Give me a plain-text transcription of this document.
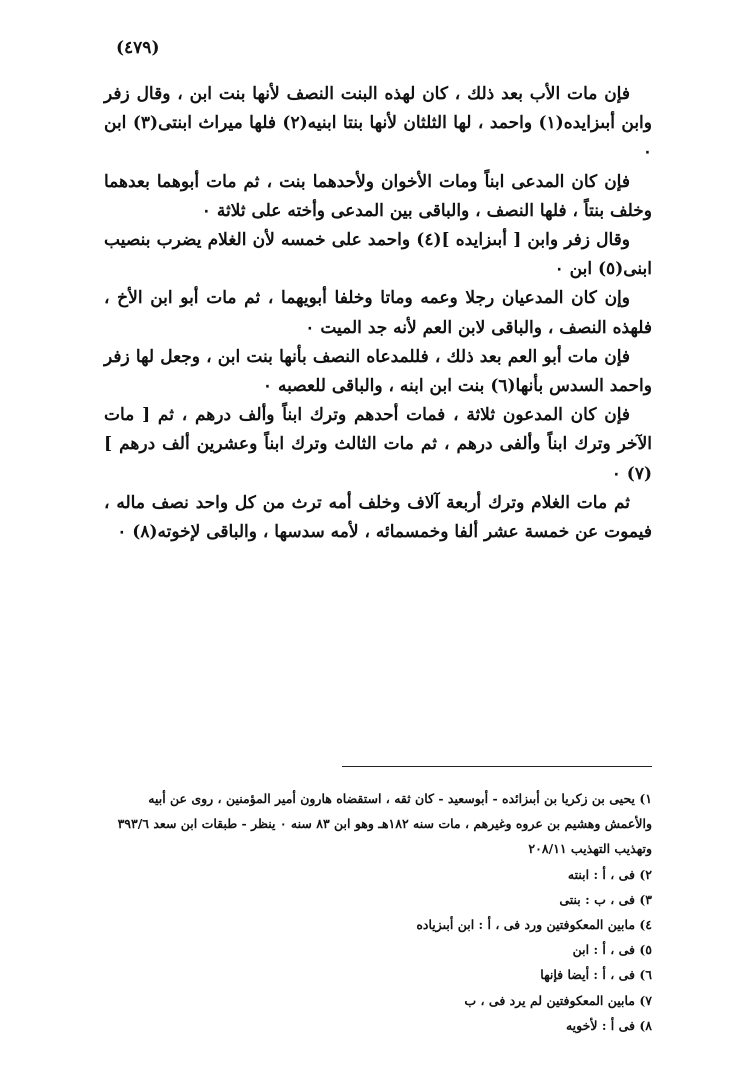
(٤٧٩)

فإن مات الأب بعد ذلك ، كان لهذه البنت النصف لأنها بنت ابن ، وقال زفر وابن أبىزايده(١) واحمد ، لها الثلثان لأنها بنتا ابنيه(٢) فلها ميراث ابنتى(٣) ابن ٠

فإن كان المدعى ابناً ومات الأخوان ولأحدهما بنت ، ثم مات أبوهما بعدهما وخلف بنتاً ، فلها النصف ، والباقى بين المدعى وأخته على ثلاثة ٠

وقال زفر وابن [ أبىزايده ](٤) واحمد على خمسه لأن الغلام يضرب بنصيب ابنى(٥) ابن ٠

وإن كان المدعيان رجلا وعمه وماتا وخلفا أبويهما ، ثم مات أبو ابن الأخ ، فلهذه النصف ، والباقى لابن العم لأنه جد الميت ٠

فإن مات أبو العم بعد ذلك ، فللمدعاه النصف بأنها بنت ابن ، وجعل لها زفر واحمد السدس بأنها(٦) بنت ابن ابنه ، والباقى للعصبه ٠

فإن كان المدعون ثلاثة ، فمات أحدهم وترك ابناً وألف درهم ، ثم [ مات الآخر وترك ابناً وألفى درهم ، ثم مات الثالث وترك ابناً وعشرين ألف درهم ](٧) ٠

ثم مات الغلام وترك أربعة آلاف وخلف أمه ترث من كل واحد نصف ماله ، فيموت عن خمسة عشر ألفا وخمسمائه ، لأمه سدسها ، والباقى لإخوته(٨) ٠

١) يحيى بن زكريا بن أبىزائده - أبوسعيد - كان ثقه ، استقضاه هارون أمير المؤمنين ، روى عن أبيه والأعمش وهشيم بن عروه وغيرهم ، مات سنه ١٨٢هـ وهو ابن ٨٣ سنه ٠ ينظر - طبقات ابن سعد ٣٩٣/٦ وتهذيب التهذيب ٢٠٨/١١
٢) فى ، أ : ابنته
٣) فى ، ب : بنتى
٤) مابين المعكوفتين ورد فى ، أ : ابن أبىزياده
٥) فى ، أ : ابن
٦) فى ، أ : أيضا فإنها
٧) مابين المعكوفتين لم يرد فى ، ب
٨) فى أ : لأخويه
